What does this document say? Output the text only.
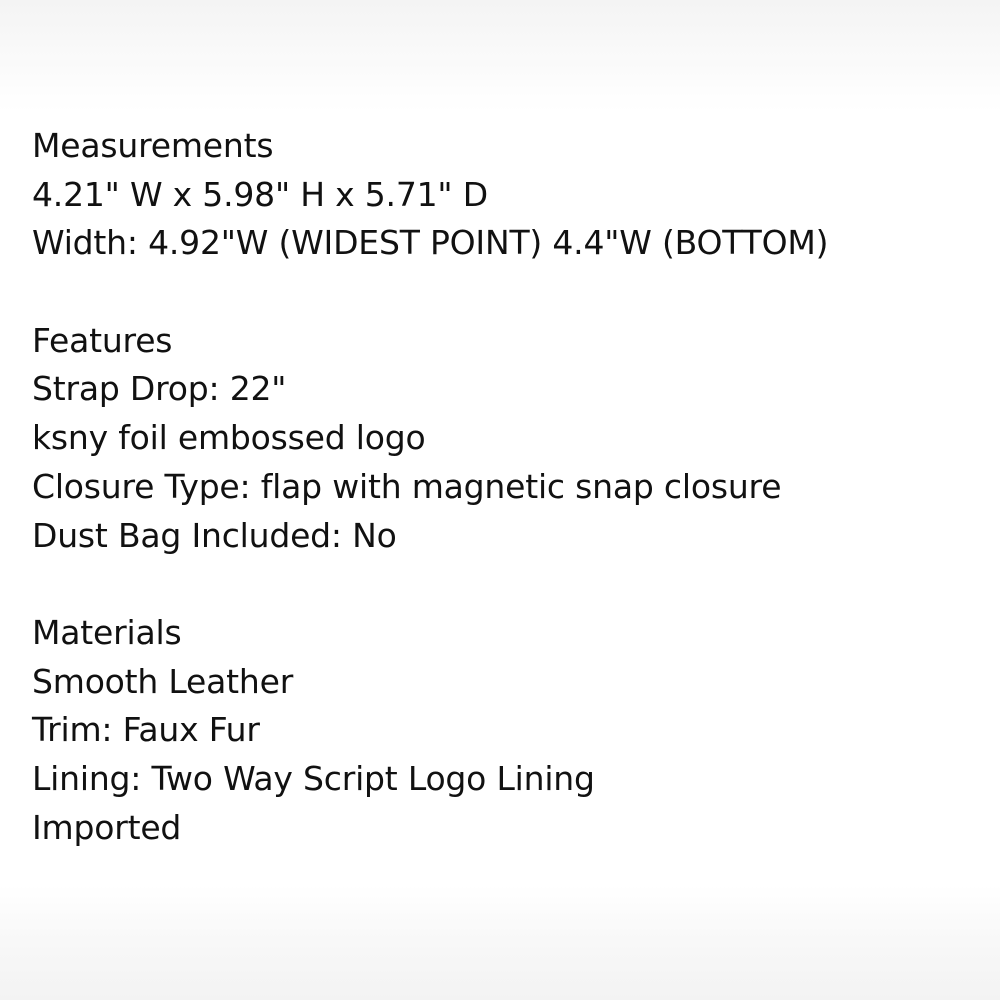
Measurements
4.21" W x 5.98" H x 5.71" D
Width: 4.92"W (WIDEST POINT) 4.4"W (BOTTOM)
Features
Strap Drop: 22"
ksny foil embossed logo
Closure Type: flap with magnetic snap closure
Dust Bag Included: No
Materials
Smooth Leather
Trim: Faux Fur
Lining: Two Way Script Logo Lining
Imported
